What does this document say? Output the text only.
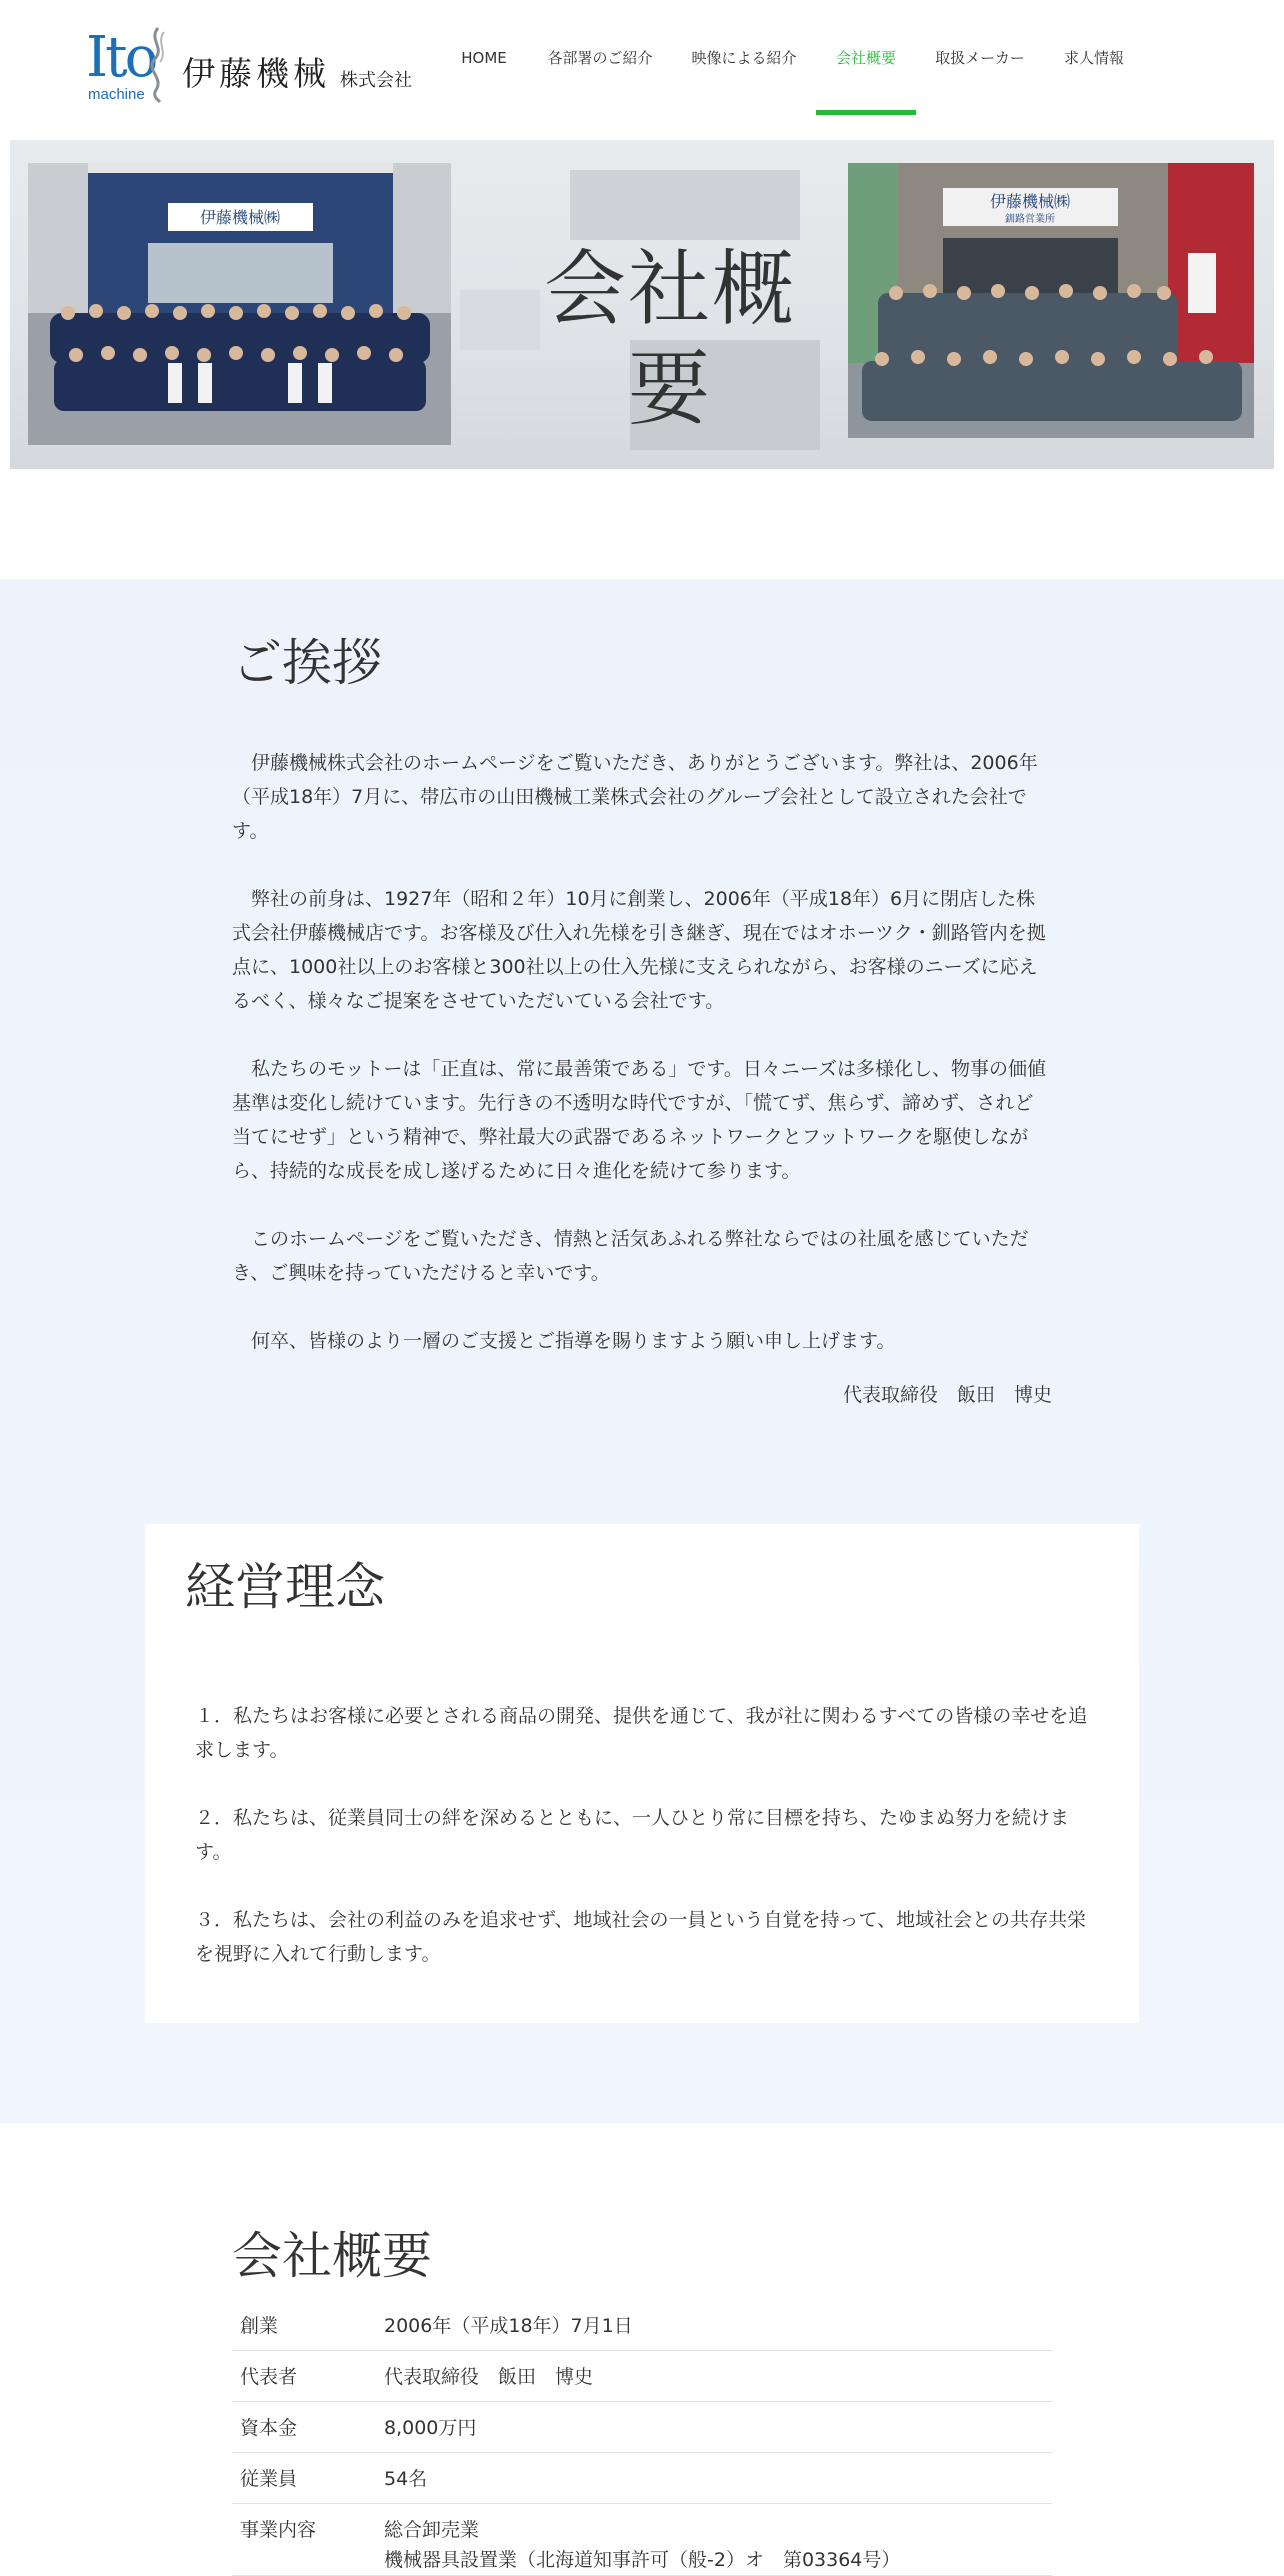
Ito
machine
伊藤機械 株式会社
HOME	各部署のご紹介	映像による紹介	会社概要	取扱メーカー	求人情報
伊藤機械㈱
会社概要
伊藤機械㈱
釧路営業所
ご挨拶

伊藤機械株式会社のホームページをご覧いただき、ありがとうございます。弊社は、2006年（平成18年）7月に、帯広市の山田機械工業株式会社のグループ会社として設立された会社です。

弊社の前身は、1927年（昭和２年）10月に創業し、2006年（平成18年）6月に閉店した株式会社伊藤機械店です。お客様及び仕入れ先様を引き継ぎ、現在ではオホーツク・釧路管内を拠点に、1000社以上のお客様と300社以上の仕入先様に支えられながら、お客様のニーズに応えるべく、様々なご提案をさせていただいている会社です。

私たちのモットーは「正直は、常に最善策である」です。日々ニーズは多様化し、物事の価値基準は変化し続けています。先行きの不透明な時代ですが、「慌てず、焦らず、諦めず、されど当てにせず」という精神で、弊社最大の武器であるネットワークとフットワークを駆使しながら、持続的な成長を成し遂げるために日々進化を続けて参ります。

このホームページをご覧いただき、情熱と活気あふれる弊社ならではの社風を感じていただき、ご興味を持っていただけると幸いです。

何卒、皆様のより一層のご支援とご指導を賜りますよう願い申し上げます。

代表取締役　飯田　博史
経営理念

１．私たちはお客様に必要とされる商品の開発、提供を通じて、我が社に関わるすべての皆様の幸せを追求します。

２．私たちは、従業員同士の絆を深めるとともに、一人ひとり常に目標を持ち、たゆまぬ努力を続けます。

３．私たちは、会社の利益のみを追求せず、地域社会の一員という自覚を持って、地域社会との共存共栄を視野に入れて行動します。

会社概要
創業	2006年（平成18年）7月1日
代表者	代表取締役　飯田　博史
資本金	8,000万円
従業員	54名
事業内容	総合卸売業
機械器具設置業（北海道知事許可（般-2）オ　第03364号）
